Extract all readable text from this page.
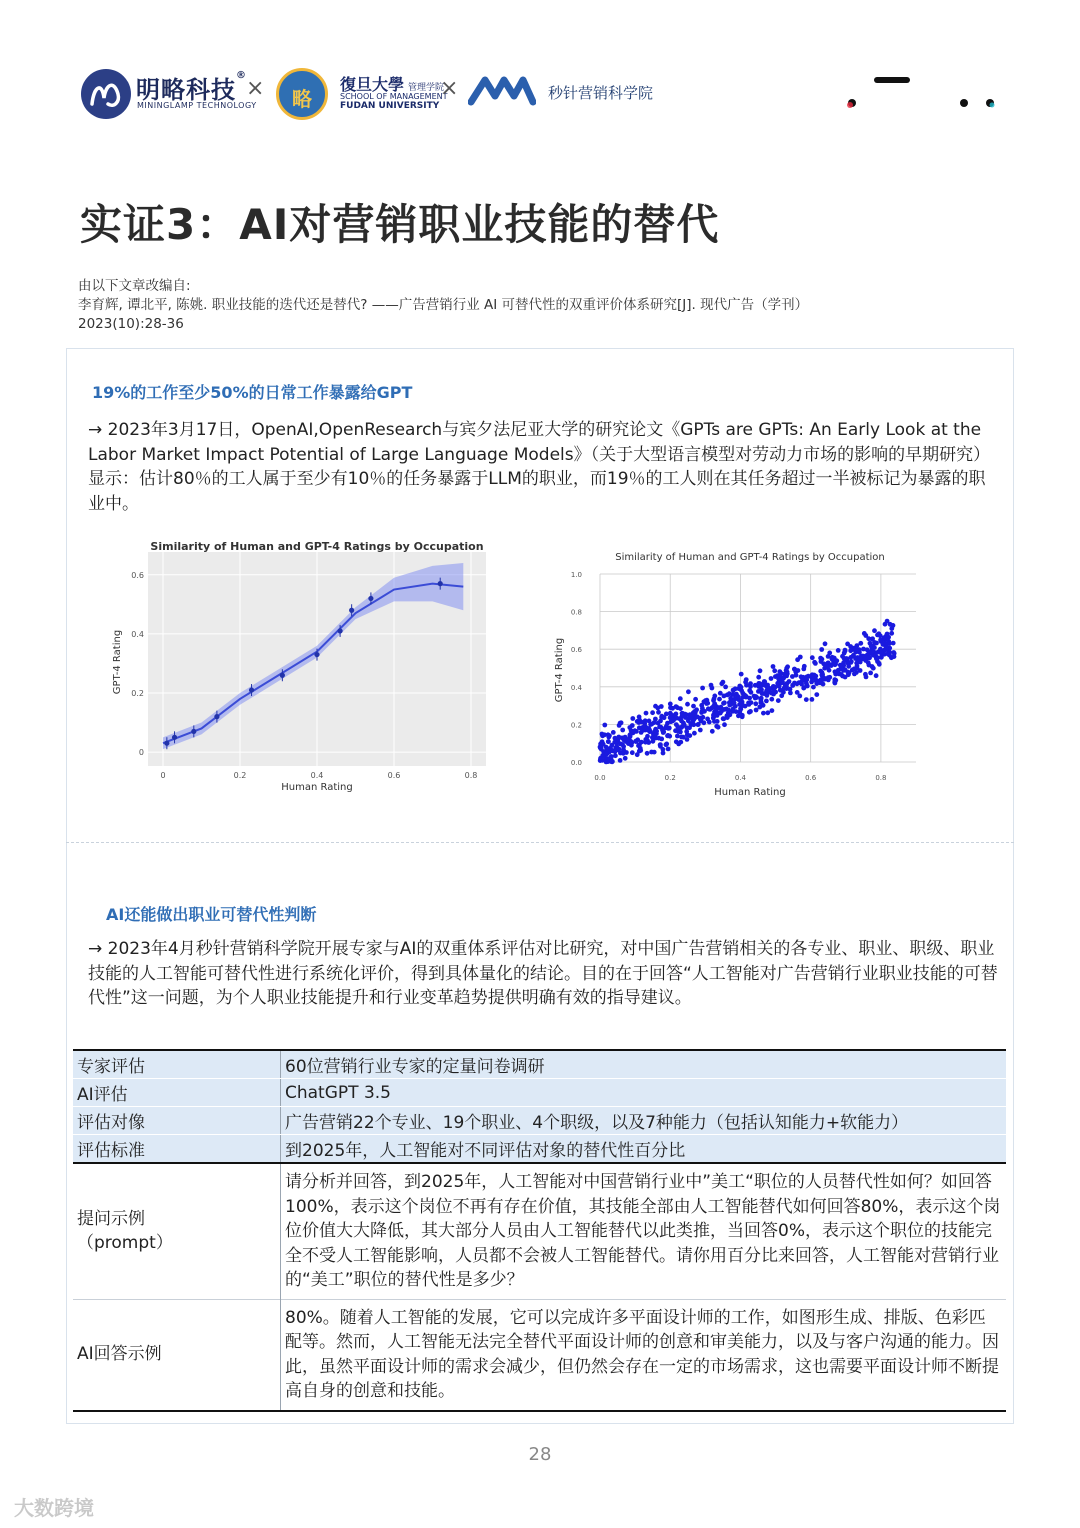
明略科技®
MININGLAMP TECHNOLOGY
×	略
復旦大學 管理学院
SCHOOL OF MANAGEMENT
FUDAN UNIVERSITY
×	秒针营销科学院
实证3：AI对营销职业技能的替代
由以下文章改编自:
李育辉, 谭北平, 陈姚. 职业技能的迭代还是替代? ——广告营销行业 AI 可替代性的双重评价体系研究[J]. 现代广告（学刊）
2023(10):28-36
19%的工作至少50%的日常工作暴露给GPT
→ 2023年3月17日，OpenAI,OpenResearch与宾夕法尼亚大学的研究论文《GPTs are GPTs: An Early Look at the Labor Market Impact Potential of Large Language Models》（关于大型语言模型对劳动力市场的影响的早期研究）显示：估计80％的工人属于至少有10％的任务暴露于LLM的职业，而19％的工人则在其任务超过一半被标记为暴露的职业中。
0	0.2	0.4	0.6	0.8
0
0.2
0.4
0.6
Similarity of Human and GPT-4 Ratings by Occupation
Human Rating
GPT-4 Rating
0.0	0.2	0.4	0.6	0.8
0.0
0.2
0.4
0.6
0.8
1.0
Similarity of Human and GPT-4 Ratings by Occupation
Human Rating
GPT-4 Rating
AI还能做出职业可替代性判断
→ 2023年4月秒针营销科学院开展专家与AI的双重体系评估对比研究，对中国广告营销相关的各专业、职业、职级、职业技能的人工智能可替代性进行系统化评价，得到具体量化的结论。目的在于回答“人工智能对广告营销行业职业技能的可替代性”这一问题，为个人职业技能提升和行业变革趋势提供明确有效的指导建议。
专家评估	60位营销行业专家的定量问卷调研
AI评估	ChatGPT 3.5
评估对像	广告营销22个专业、19个职业、4个职级，以及7种能力（包括认知能力+软能力）
评估标准	到2025年，人工智能对不同评估对象的替代性百分比

提问示例
（prompt）	请分析并回答，到2025年，人工智能对中国营销行业中”美工“职位的人员替代性如何？如回答100%，表示这个岗位不再有存在价值，其技能全部由人工智能替代如何回答80%，表示这个岗位价值大大降低，其大部分人员由人工智能替代以此类推，当回答0%，表示这个职位的技能完全不受人工智能影响，人员都不会被人工智能替代。请你用百分比来回答，人工智能对营销行业的“美工”职位的替代性是多少？
AI回答示例	80%。随着人工智能的发展，它可以完成许多平面设计师的工作，如图形生成、排版、色彩匹配等。然而，人工智能无法完全替代平面设计师的创意和审美能力，以及与客户沟通的能力。因此，虽然平面设计师的需求会减少，但仍然会存在一定的市场需求，这也需要平面设计师不断提高自身的创意和技能。
28
大数跨境
